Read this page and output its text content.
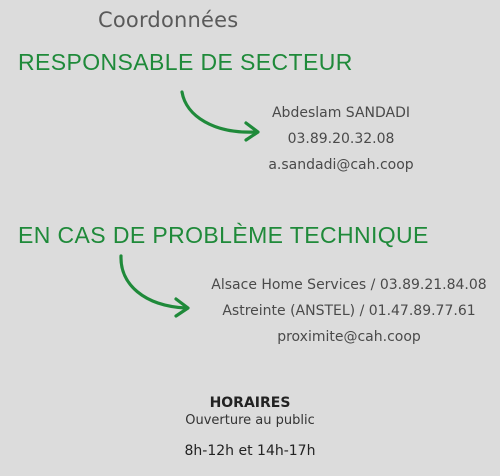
Coordonnées
RESPONSABLE DE SECTEUR
Abdeslam SANDADI
03.89.20.32.08
a.sandadi@cah.coop
EN CAS DE PROBLÈME TECHNIQUE
Alsace Home Services / 03.89.21.84.08
Astreinte (ANSTEL) / 01.47.89.77.61
proximite@cah.coop
HORAIRES
Ouverture au public
8h-12h et 14h-17h
